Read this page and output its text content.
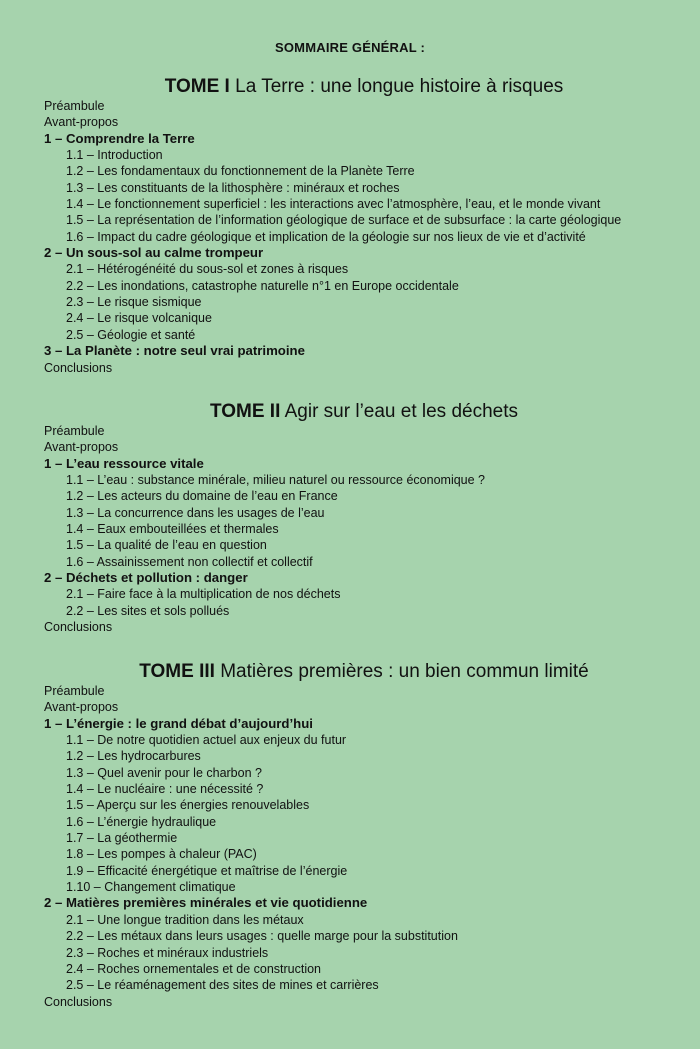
SOMMAIRE GÉNÉRAL :
TOME I La Terre : une longue histoire à risques
Préambule
Avant-propos
1 – Comprendre la Terre
1.1 – Introduction
1.2 – Les fondamentaux du fonctionnement de la Planète Terre
1.3 – Les constituants de la lithosphère : minéraux et roches
1.4 – Le fonctionnement superficiel : les interactions avec l’atmosphère, l’eau, et le monde vivant
1.5 – La représentation de l’information géologique de surface et de subsurface : la carte géologique
1.6 – Impact du cadre géologique et implication de la géologie sur nos lieux de vie et d’activité
2 – Un sous-sol au calme trompeur
2.1 – Hétérogénéité du sous-sol et zones à risques
2.2 – Les inondations, catastrophe naturelle n°1 en Europe occidentale
2.3 – Le risque sismique
2.4 – Le risque volcanique
2.5 – Géologie et santé
3 – La Planète : notre seul vrai patrimoine
Conclusions
TOME II Agir sur l’eau et les déchets
Préambule
Avant-propos
1 – L’eau ressource vitale
1.1 – L’eau : substance minérale, milieu naturel ou ressource économique ?
1.2 – Les acteurs du domaine de l’eau en France
1.3 – La concurrence dans les usages de l’eau
1.4 – Eaux embouteillées et thermales
1.5 – La qualité de l’eau en question
1.6 – Assainissement non collectif et collectif
2 – Déchets et pollution : danger
2.1 – Faire face à la multiplication de nos déchets
2.2 – Les sites et sols pollués
Conclusions
TOME III Matières premières : un bien commun limité
Préambule
Avant-propos
1 – L’énergie : le grand débat d’aujourd’hui
1.1 – De notre quotidien actuel aux enjeux du futur
1.2 – Les hydrocarbures
1.3 – Quel avenir pour le charbon ?
1.4 – Le nucléaire : une nécessité ?
1.5 – Aperçu sur les énergies renouvelables
1.6 – L’énergie hydraulique
1.7 – La géothermie
1.8 – Les pompes à chaleur (PAC)
1.9 – Efficacité énergétique et maîtrise de l’énergie
1.10 – Changement climatique
2 – Matières premières minérales et vie quotidienne
2.1 – Une longue tradition dans les métaux
2.2 – Les métaux dans leurs usages : quelle marge pour la substitution
2.3 – Roches et minéraux industriels
2.4 – Roches ornementales et de construction
2.5 – Le réaménagement des sites de mines et carrières
Conclusions
